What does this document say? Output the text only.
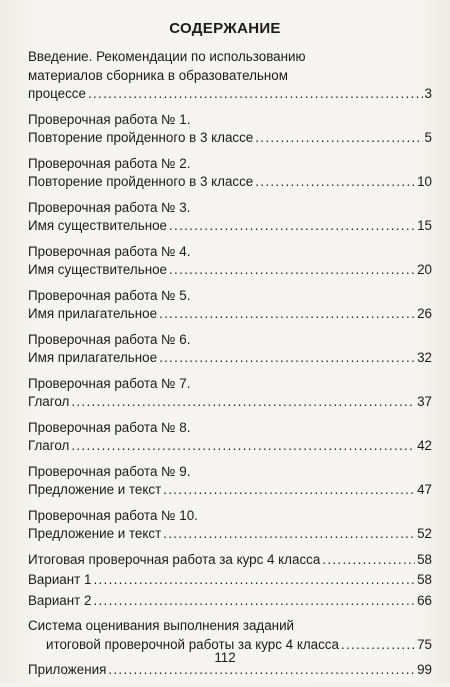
СОДЕРЖАНИЕ
Введение. Рекомендации по использованию
материалов сборника в образовательном
процессе . . .	3
Проверочная работа № 1.
Повторение пройденного в 3 классе . . .	5
Проверочная работа № 2.
Повторение пройденного в 3 классе . . .	10
Проверочная работа № 3.
Имя существительное . . .	15
Проверочная работа № 4.
Имя существительное . . .	20
Проверочная работа № 5.
Имя прилагательное . . .	26
Проверочная работа № 6.
Имя прилагательное . . .	32
Проверочная работа № 7.
Глагол . . .	37
Проверочная работа № 8.
Глагол . . .	42
Проверочная работа № 9.
Предложение и текст . . .	47
Проверочная работа № 10.
Предложение и текст . . .	52
Итоговая проверочная работа за курс 4 класса . . .	58
Вариант 1 . . .	58
Вариант 2 . . .	66
Система оценивания выполнения заданий
итоговой проверочной работы за курс 4 класса . . .	75
Приложения . . .	99
112
